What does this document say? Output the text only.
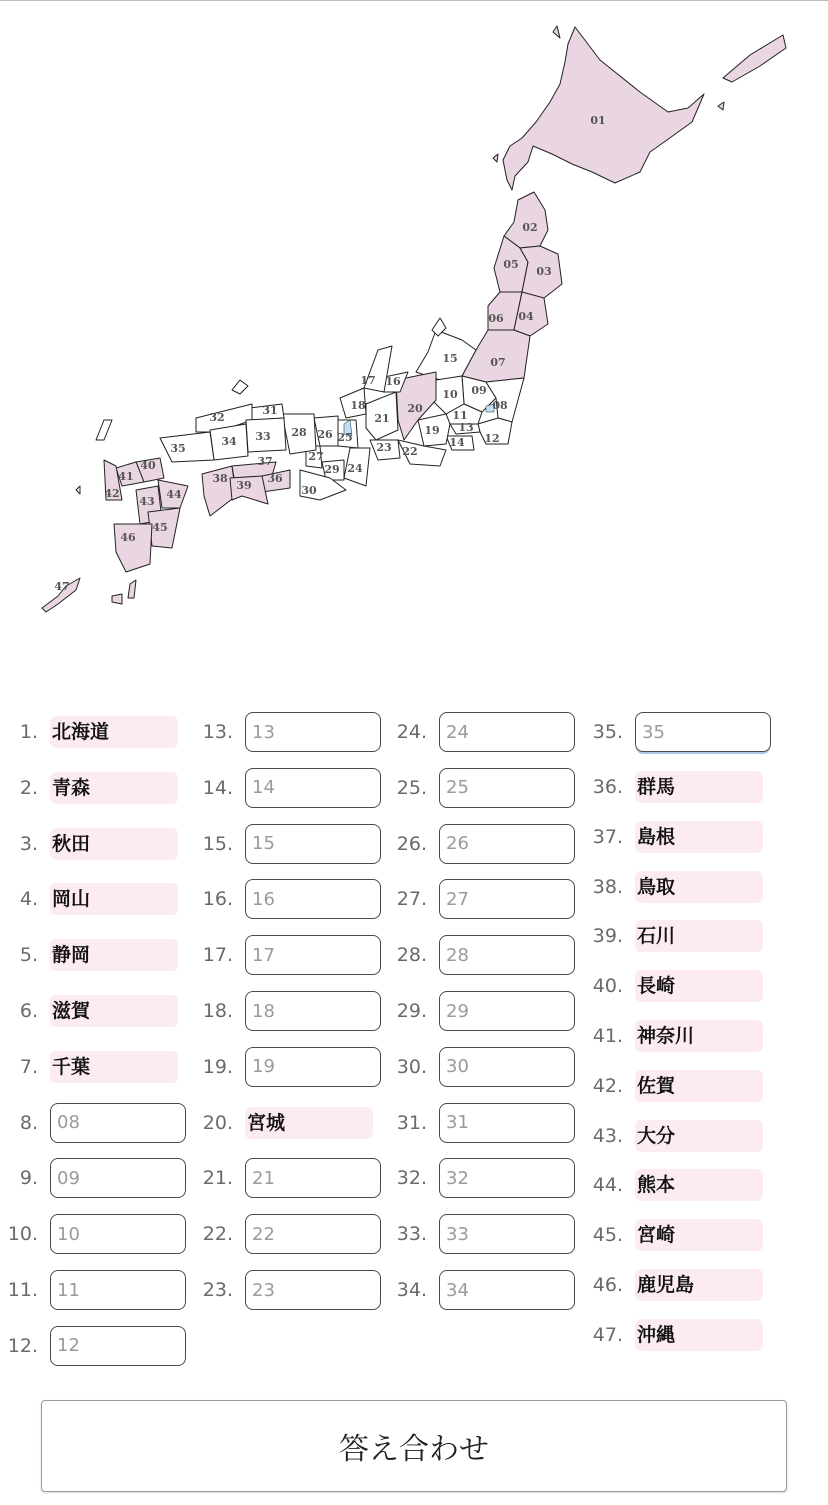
01
02
03
04
05
06
07
08
09
10
11
12
13
14
15
16
17
18
19
20
21
22
23
24
25
26
27
28
29
30
31
32
33
34
35
36
37
38
39
40
41
42
43
44
45
46
47
1. 北海道
2. 青森
3. 秋田
4. 岡山
5. 静岡
6. 滋賀
7. 千葉
8.
08
9.
09
10.
10
11.
11
12.
12
13.
13
14.
14
15.
15
16.
16
17.
17
18.
18
19.
19
20. 宮城
21.
21
22.
22
23.
23
24.
24
25.
25
26.
26
27.
27
28.
28
29.
29
30.
30
31.
31
32.
32
33.
33
34.
34
35.
35
36. 群馬
37. 島根
38. 鳥取
39. 石川
40. 長崎
41. 神奈川
42. 佐賀
43. 大分
44. 熊本
45. 宮崎
46. 鹿児島
47. 沖縄
答え合わせ
